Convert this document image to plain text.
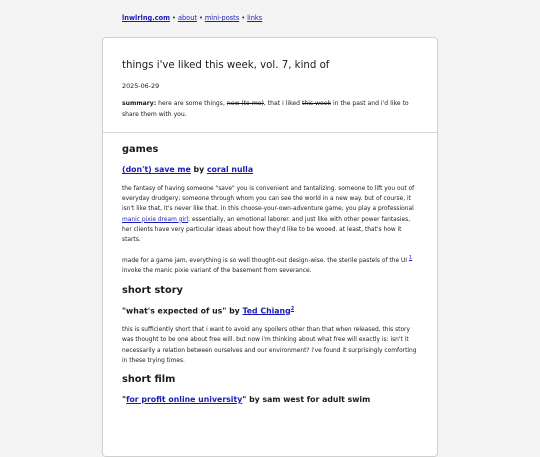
lnwlrlng.com • about • mini-posts • links
things i've liked this week, vol. 7, kind of
2025-06-29

summary: here are some things, new (to me), that i liked this week in the past and i'd like to share them with you.

games
(don't) save me by coral nulla

the fantasy of having someone "save" you is convenient and tantalizing. someone to lift you out of everyday drudgery; someone through whom you can see the world in a new way. but of course, it isn't like that, it's never like that. in this choose-your-own-adventure game, you play a professional manic pixie dream girl; essentially, an emotional laborer. and just like with other power fantasies, her clients have very particular ideas about how they'd like to be wooed. at least, that's how it starts.

made for a game jam, everything is so well thought-out design-wise. the sterile pastels of the UI $^1$ invoke the manic pixie variant of the basement from severance.

short story
"what's expected of us" by Ted Chiang$^2$

this is sufficiently short that i want to avoid any spoilers other than that when released, this story was thought to be one about free will. but now i'm thinking about what free will exactly is: isn't it necessarily a relation between ourselves and our environment? i've found it surprisingly comforting in these trying times.

short film
"for profit online university" by sam west for adult swim
